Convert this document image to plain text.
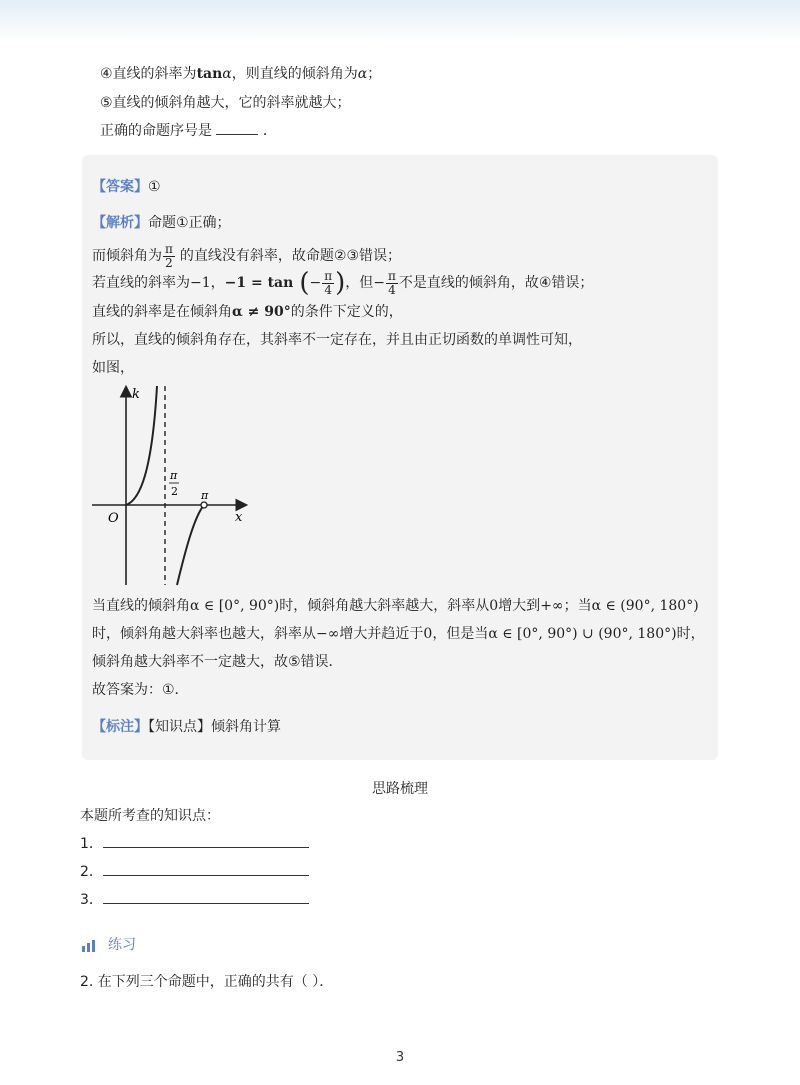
④直线的斜率为tanα，则直线的倾斜角为α；
⑤直线的倾斜角越大，它的斜率就越大；
正确的命题序号是	．
【答案】①
【解析】命题①正确；
而倾斜角为 $\frac{\pi}{2}$ 的直线没有斜率，故命题②③错误；
若直线的斜率为 −1 ， −1 = tan ( − $\frac{\pi}{4}$ ) ，但 − $\frac{\pi}{4}$ 不是直线的倾斜角，故④错误；
直线的斜率是在倾斜角α ≠ 90°的条件下定义的，
所以，直线的倾斜角存在，其斜率不一定存在，并且由正切函数的单调性可知，
如图，
k
x
O
π
2 π
当直线的倾斜角α ∈ [0°, 90°)时，倾斜角越大斜率越大，斜率从0增大到+∞；当α ∈ (90°, 180°)
时，倾斜角越大斜率也越大，斜率从−∞增大并趋近于0，但是当α ∈ [0°, 90°) ∪ (90°, 180°)时，
倾斜角越大斜率不一定越大，故⑤错误．
故答案为：①．
【标注】【知识点】倾斜角计算
思路梳理
本题所考查的知识点：
1．
2．
3．
练习
2. 在下列三个命题中，正确的共有（ ）．
3
